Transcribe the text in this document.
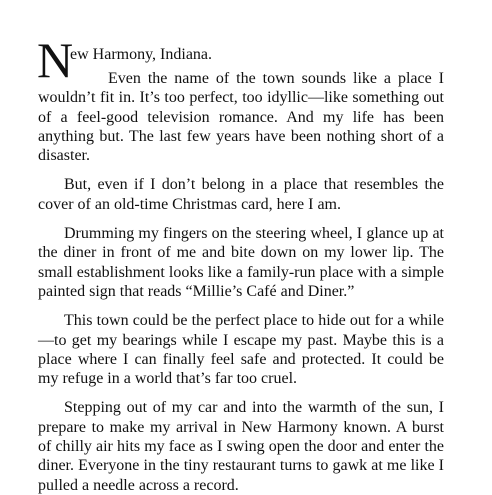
N
ew Harmony, Indiana.

Even the name of the town sounds like a place I wouldn’t fit in. It’s too perfect, too idyllic—like something out of a feel-good television romance. And my life has been anything but. The last few years have been nothing short of a disaster.

But, even if I don’t belong in a place that resembles the cover of an old-time Christmas card, here I am.

Drumming my fingers on the steering wheel, I glance up at the diner in front of me and bite down on my lower lip. The small establishment looks like a family-run place with a simple painted sign that reads “Millie’s Café and Diner.”

This town could be the perfect place to hide out for a while—to get my bearings while I escape my past. Maybe this is a place where I can finally feel safe and protected. It could be my refuge in a world that’s far too cruel.

Stepping out of my car and into the warmth of the sun, I prepare to make my arrival in New Harmony known. A burst of chilly air hits my face as I swing open the door and enter the diner. Everyone in the tiny restaurant turns to gawk at me like I pulled a needle across a record.
